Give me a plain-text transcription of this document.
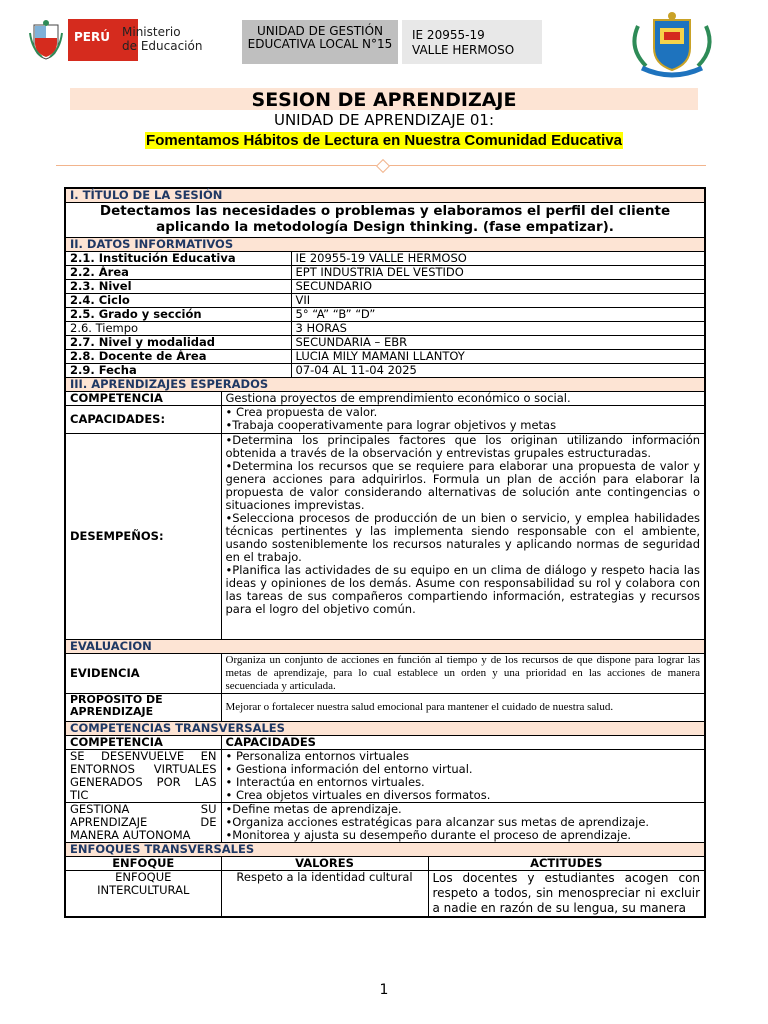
PERÚ Ministerio
de Educación
UNIDAD DE GESTIÓN EDUCATIVA LOCAL N°15
IE 20955-19
VALLE HERMOSO
SESION DE APRENDIZAJE
UNIDAD DE APRENDIZAJE 01:
Fomentamos Hábitos de Lectura en Nuestra Comunidad Educativa
I. TÍTULO DE LA SESIÓN			
Detectamos las necesidades o problemas y elaboramos el perfil del cliente aplicando la metodología Design thinking. (fase empatizar).			
II. DATOS INFORMATIVOS			
2.1. Institución Educativa		IE 20955-19 VALLE HERMOSO	
2.2. Área		EPT INDUSTRIA DEL VESTIDO	
2.3. Nivel		SECUNDARIO	
2.4. Ciclo		VII	
2.5. Grado y sección		5° “A” “B” “D”	
2.6. Tiempo		3 HORAS	
2.7. Nivel y modalidad		SECUNDARIA – EBR	
2.8. Docente de Área		LUCIA MILY MAMANI LLANTOY	
2.9. Fecha		07-04 AL 11-04 2025	
III. APRENDIZAJES ESPERADOS			
COMPETENCIA	Gestiona proyectos de emprendimiento económico o social.		
CAPACIDADES:	• Crea propuesta de valor.
•Trabaja cooperativamente para lograr objetivos y metas		

DESEMPEÑOS:	•Determina los principales factores que los originan utilizando información obtenida a través de la observación y entrevistas grupales estructuradas.
•Determina los recursos que se requiere para elaborar una propuesta de valor y genera acciones para adquirirlos. Formula un plan de acción para elaborar la propuesta de valor considerando alternativas de solución ante contingencias o situaciones imprevistas.
•Selecciona procesos de producción de un bien o servicio, y emplea habilidades técnicas pertinentes y las implementa siendo responsable con el ambiente, usando sosteniblemente los recursos naturales y aplicando normas de seguridad en el trabajo.
•Planifica las actividades de su equipo en un clima de diálogo y respeto hacia las ideas y opiniones de los demás. Asume con responsabilidad su rol y colabora con las tareas de sus compañeros compartiendo información, estrategias y recursos para el logro del objetivo común.		

EVALUACION			
EVIDENCIA	Organiza un conjunto de acciones en función al tiempo y de los recursos de que dispone para lograr las metas de aprendizaje, para lo cual establece un orden y una prioridad en las acciones de manera secuenciada y articulada.		
PROPÓSITO DE APRENDIZAJE	Mejorar o fortalecer nuestra salud emocional para mantener el cuidado de nuestra salud.		
COMPETENCIAS TRANSVERSALES			
COMPETENCIA	CAPACIDADES		
SE DESENVUELVE EN ENTORNOS VIRTUALES GENERADOS POR LAS TIC	• Personaliza entornos virtuales
• Gestiona información del entorno virtual.
• Interactúa en entornos virtuales.
• Crea objetos virtuales en diversos formatos.		

GESTIONA SU APRENDIZAJE DE MANERA AUTONOMA	•Define metas de aprendizaje.
•Organiza acciones estratégicas para alcanzar sus metas de aprendizaje.
•Monitorea y ajusta su desempeño durante el proceso de aprendizaje.		

ENFOQUES TRANSVERSALES			
ENFOQUE	VALORES		ACTITUDES
ENFOQUE INTERCULTURAL	Respeto a la identidad cultural		Los docentes y estudiantes acogen con respeto a todos, sin menospreciar ni excluir a nadie en razón de su lengua, su manera
1
